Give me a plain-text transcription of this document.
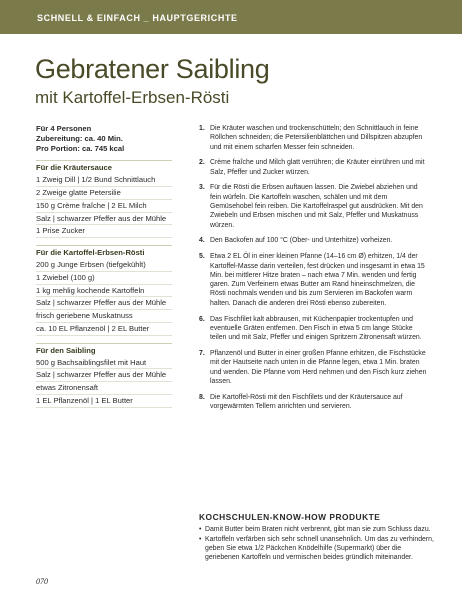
SCHNELL & EINFACH _ HAUPTGERICHTE
Gebratener Saibling
mit Kartoffel-Erbsen-Rösti
Für 4 Personen
Zubereitung: ca. 40 Min.
Pro Portion: ca. 745 kcal
Für die Kräutersauce
1 Zweig Dill | 1/2 Bund Schnittlauch
2 Zweige glatte Petersilie
150 g Crème fraîche | 2 EL Milch
Salz | schwarzer Pfeffer aus der Mühle
1 Prise Zucker
Für die Kartoffel-Erbsen-Rösti
200 g Junge Erbsen (tiefgekühlt)
1 Zwiebel (100 g)
1 kg mehlig kochende Kartoffeln
Salz | schwarzer Pfeffer aus der Mühle
frisch geriebene Muskatnuss
ca. 10 EL Pflanzenöl | 2 EL Butter
Für den Saibling
500 g Bachsaiblingsfilet mit Haut
Salz | schwarzer Pfeffer aus der Mühle
etwas Zitronensaft
1 EL Pflanzenöl | 1 EL Butter
1. Die Kräuter waschen und trockenschütteln; den Schnittlauch in feine Röllchen schneiden; die Petersilienblättchen und Dillspitzen abzupfen und mit einem scharfen Messer fein schneiden.
2. Crème fraîche und Milch glatt verrühren; die Kräuter einrühren und mit Salz, Pfeffer und Zucker würzen.
3. Für die Rösti die Erbsen auftauen lassen. Die Zwiebel abziehen und fein würfeln. Die Kartoffeln waschen, schälen und mit dem Gemüsehobel fein reiben. Die Kartoffelraspel gut ausdrücken. Mit den Zwiebeln und Erbsen mischen und mit Salz, Pfeffer und Muskatnuss würzen.
4. Den Backofen auf 100 °C (Ober- und Unterhitze) vorheizen.
5. Etwa 2 EL Öl in einer kleinen Pfanne (14–16 cm Ø) erhitzen, 1/4 der Kartoffel-Masse darin verteilen, fest drücken und insgesamt in etwa 15 Min. bei mittlerer Hitze braten – nach etwa 7 Min. wenden und fertig garen. Zum Verfeinern etwas Butter am Rand hineinschmelzen, die Rösti nochmals wenden und bis zum Servieren im Backofen warm halten. Danach die anderen drei Rösti ebenso zubereiten.
6. Das Fischfilet kalt abbrausen, mit Küchenpapier trockentupfen und eventuelle Gräten entfernen. Den Fisch in etwa 5 cm lange Stücke teilen und mit Salz, Pfeffer und einigen Spritzern Zitronensaft würzen.
7. Pflanzenöl und Butter in einer großen Pfanne erhitzen, die Fischstücke mit der Hautseite nach unten in die Pfanne legen, etwa 1 Min. braten und wenden. Die Pfanne vom Herd nehmen und den Fisch kurz ziehen lassen.
8. Die Kartoffel-Rösti mit den Fischfilets und der Kräutersauce auf vorgewärmten Tellern anrichten und servieren.
KOCHSCHULEN-KNOW-HOW PRODUKTE
• Damit Butter beim Braten nicht verbrennt, gibt man sie zum Schluss dazu.
• Kartoffeln verfärben sich sehr schnell unansehnlich. Um das zu verhindern, geben Sie etwa 1/2 Päckchen Knödelhilfe (Supermarkt) über die geriebenen Kartoffeln und vermischen beides gründlich miteinander.
070
